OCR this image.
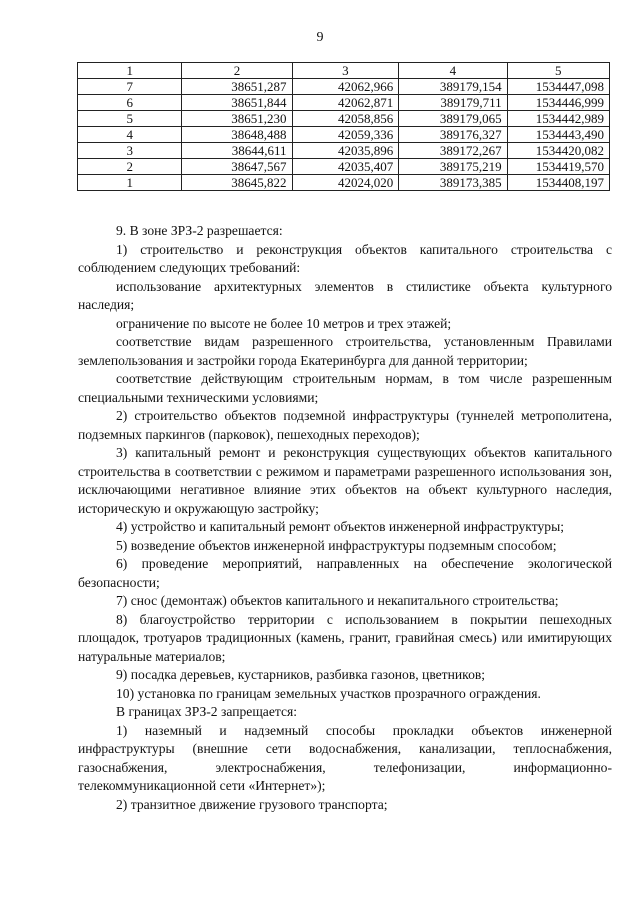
9
1	2	3	4	5
7	38651,287	42062,966	389179,154	1534447,098
6	38651,844	42062,871	389179,711	1534446,999
5	38651,230	42058,856	389179,065	1534442,989
4	38648,488	42059,336	389176,327	1534443,490
3	38644,611	42035,896	389172,267	1534420,082
2	38647,567	42035,407	389175,219	1534419,570
1	38645,822	42024,020	389173,385	1534408,197

9. В зоне ЗРЗ-2 разрешается:

1) строительство и реконструкция объектов капитального строительства с соблюдением следующих требований:

использование архитектурных элементов в стилистике объекта культурного наследия;

ограничение по высоте не более 10 метров и трех этажей;

соответствие видам разрешенного строительства, установленным Правилами землепользования и застройки города Екатеринбурга для данной территории;

соответствие действующим строительным нормам, в том числе разрешенным специальными техническими условиями;

2) строительство объектов подземной инфраструктуры (туннелей метрополитена, подземных паркингов (парковок), пешеходных переходов);

3) капитальный ремонт и реконструкция существующих объектов капитального строительства в соответствии с режимом и параметрами разрешенного использования зон, исключающими негативное влияние этих объектов на объект культурного наследия, историческую и окружающую застройку;

4) устройство и капитальный ремонт объектов инженерной инфраструктуры;

5) возведение объектов инженерной инфраструктуры подземным способом;

6) проведение мероприятий, направленных на обеспечение экологической безопасности;

7) снос (демонтаж) объектов капитального и некапитального строительства;

8) благоустройство территории с использованием в покрытии пешеходных площадок, тротуаров традиционных (камень, гранит, гравийная смесь) или имитирующих натуральные материалов;

9) посадка деревьев, кустарников, разбивка газонов, цветников;

10) установка по границам земельных участков прозрачного ограждения.

В границах ЗРЗ-2 запрещается:

1) наземный и надземный способы прокладки объектов инженерной инфраструктуры (внешние сети водоснабжения, канализации, теплоснабжения, газоснабжения, электроснабжения, телефонизации, информационно-телекоммуникационной сети «Интернет»);

2) транзитное движение грузового транспорта;
